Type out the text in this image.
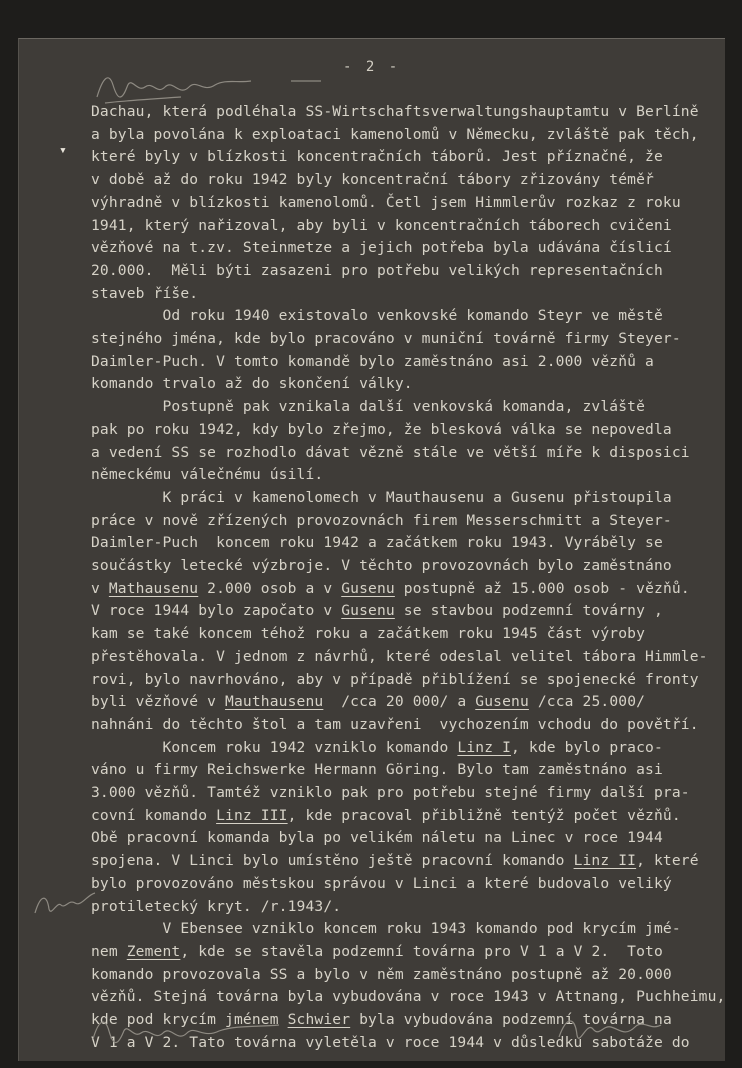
- 2 -
▾
Dachau, která podléhala SS-Wirtschaftsverwaltungshauptamtu v Berlíně
a byla povolána k exploataci kamenolomů v Německu, zvláště pak těch,
které byly v blízkosti koncentračních táborů. Jest příznačné, že
v době až do roku 1942 byly koncentrační tábory zřizovány téměř
výhradně v blízkosti kamenolomů. Četl jsem Himmlerův rozkaz z roku
1941, který nařizoval, aby byli v koncentračních táborech cvičeni
vězňové na t.zv. Steinmetze a jejich potřeba byla udávána číslicí
20.000.  Měli býti zasazeni pro potřebu velikých representačních
staveb říše.
Od roku 1940 existovalo venkovské komando Steyr ve městě
stejného jména, kde bylo pracováno v muniční továrně firmy Steyer-
Daimler-Puch. V tomto komandě bylo zaměstnáno asi 2.000 vězňů a
komando trvalo až do skončení války.
Postupně pak vznikala další venkovská komanda, zvláště
pak po roku 1942, kdy bylo zřejmo, že blesková válka se nepovedla
a vedení SS se rozhodlo dávat vězně stále ve větší míře k disposici
německému válečnému úsilí.
K práci v kamenolomech v Mauthausenu a Gusenu přistoupila
práce v nově zřízených provozovnách firem Messerschmitt a Steyer-
Daimler-Puch  koncem roku 1942 a začátkem roku 1943. Vyráběly se
součástky letecké výzbroje. V těchto provozovnách bylo zaměstnáno
v Mathausenu 2.000 osob a v Gusenu postupně až 15.000 osob - vězňů.
V roce 1944 bylo započato v Gusenu se stavbou podzemní továrny ,
kam se také koncem téhož roku a začátkem roku 1945 část výroby
přestěhovala. V jednom z návrhů, které odeslal velitel tábora Himmle-
rovi, bylo navrhováno, aby v případě přiblížení se spojenecké fronty
byli vězňové v Mauthausenu  /cca 20 000/ a Gusenu /cca 25.000/
nahnáni do těchto štol a tam uzavřeni  vychozením vchodu do povětří.
Koncem roku 1942 vzniklo komando Linz I, kde bylo praco-
váno u firmy Reichswerke Hermann Göring. Bylo tam zaměstnáno asi
3.000 vězňů. Tamtéž vzniklo pak pro potřebu stejné firmy další pra-
covní komando Linz III, kde pracoval přibližně tentýž počet vězňů.
Obě pracovní komanda byla po velikém náletu na Linec v roce 1944
spojena. V Linci bylo umístěno ještě pracovní komando Linz II, které
bylo provozováno městskou správou v Linci a které budovalo veliký
protiletecký kryt. /r.1943/.
V Ebensee vzniklo koncem roku 1943 komando pod krycím jmé-
nem Zement, kde se stavěla podzemní továrna pro V 1 a V 2.  Toto
komando provozovala SS a bylo v něm zaměstnáno postupně až 20.000
vězňů. Stejná továrna byla vybudována v roce 1943 v Attnang, Puchheimu,
kde pod krycím jménem Schwier byla vybudována podzemní továrna na
V 1 a V 2. Tato továrna vyletěla v roce 1944 v důsledku sabotáže do
